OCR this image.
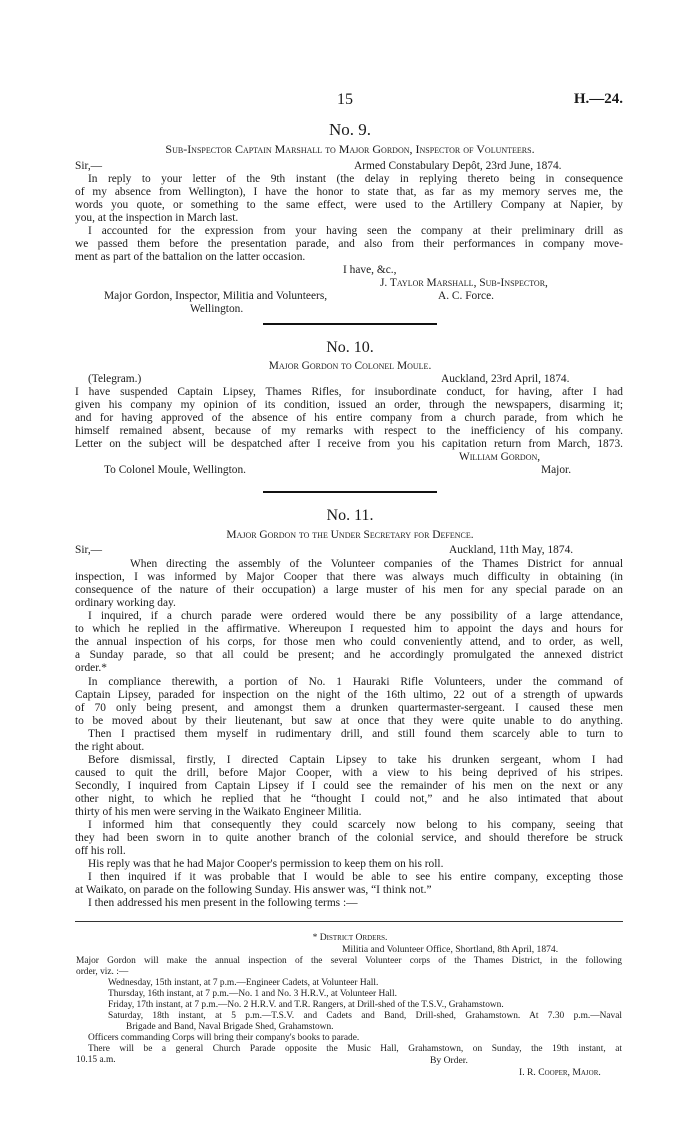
15	H.—24.
No. 9.
Sub-Inspector Captain Marshall to Major Gordon, Inspector of Volunteers.
Sir,—	Armed Constabulary Depôt, 23rd June, 1874.
In reply to your letter of the 9th instant (the delay in replying thereto being in consequence
of my absence from Wellington), I have the honor to state that, as far as my memory serves me, the
words you quote, or something to the same effect, were used to the Artillery Company at Napier, by
you, at the inspection in March last.
I accounted for the expression from your having seen the company at their preliminary drill as
we passed them before the presentation parade, and also from their performances in company move-
ment as part of the battalion on the latter occasion.
I have, &c.,
J. Taylor Marshall, Sub-Inspector,
Major Gordon, Inspector, Militia and Volunteers,	A. C. Force.
Wellington.
No. 10.
Major Gordon to Colonel Moule.
(Telegram.)	Auckland, 23rd April, 1874.
I have suspended Captain Lipsey, Thames Rifles, for insubordinate conduct, for having, after I had
given his company my opinion of its condition, issued an order, through the newspapers, disarming it;
and for having approved of the absence of his entire company from a church parade, from which he
himself remained absent, because of my remarks with respect to the inefficiency of his company.
Letter on the subject will be despatched after I receive from you his capitation return from March, 1873.
William Gordon,
To Colonel Moule, Wellington.	Major.
No. 11.
Major Gordon to the Under Secretary for Defence.
Sir,—	Auckland, 11th May, 1874.
When directing the assembly of the Volunteer companies of the Thames District for annual
inspection, I was informed by Major Cooper that there was always much difficulty in obtaining (in
consequence of the nature of their occupation) a large muster of his men for any special parade on an
ordinary working day.
I inquired, if a church parade were ordered would there be any possibility of a large attendance,
to which he replied in the affirmative. Whereupon I requested him to appoint the days and hours for
the annual inspection of his corps, for those men who could conveniently attend, and to order, as well,
a Sunday parade, so that all could be present; and he accordingly promulgated the annexed district
order.*
In compliance therewith, a portion of No. 1 Hauraki Rifle Volunteers, under the command of
Captain Lipsey, paraded for inspection on the night of the 16th ultimo, 22 out of a strength of upwards
of 70 only being present, and amongst them a drunken quartermaster-sergeant. I caused these men
to be moved about by their lieutenant, but saw at once that they were quite unable to do anything.
Then I practised them myself in rudimentary drill, and still found them scarcely able to turn to
the right about.
Before dismissal, firstly, I directed Captain Lipsey to take his drunken sergeant, whom I had
caused to quit the drill, before Major Cooper, with a view to his being deprived of his stripes.
Secondly, I inquired from Captain Lipsey if I could see the remainder of his men on the next or any
other night, to which he replied that he “thought I could not,” and he also intimated that about
thirty of his men were serving in the Waikato Engineer Militia.
I informed him that consequently they could scarcely now belong to his company, seeing that
they had been sworn in to quite another branch of the colonial service, and should therefore be struck
off his roll.
His reply was that he had Major Cooper's permission to keep them on his roll.
I then inquired if it was probable that I would be able to see his entire company, excepting those
at Waikato, on parade on the following Sunday. His answer was, “I think not.”
I then addressed his men present in the following terms :—
* District Orders.
Militia and Volunteer Office, Shortland, 8th April, 1874.
Major Gordon will make the annual inspection of the several Volunteer corps of the Thames District, in the following
order, viz. :—
Wednesday, 15th instant, at 7 p.m.—Engineer Cadets, at Volunteer Hall.
Thursday, 16th instant, at 7 p.m.—No. 1 and No. 3 H.R.V., at Volunteer Hall.
Friday, 17th instant, at 7 p.m.—No. 2 H.R.V. and T.R. Rangers, at Drill-shed of the T.S.V., Grahamstown.
Saturday, 18th instant, at 5 p.m.—T.S.V. and Cadets and Band, Drill-shed, Grahamstown. At 7.30 p.m.—Naval
Brigade and Band, Naval Brigade Shed, Grahamstown.
Officers commanding Corps will bring their company's books to parade.
There will be a general Church Parade opposite the Music Hall, Grahamstown, on Sunday, the 19th instant, at
10.15 a.m.	By Order.
I. R. Cooper, Major.
